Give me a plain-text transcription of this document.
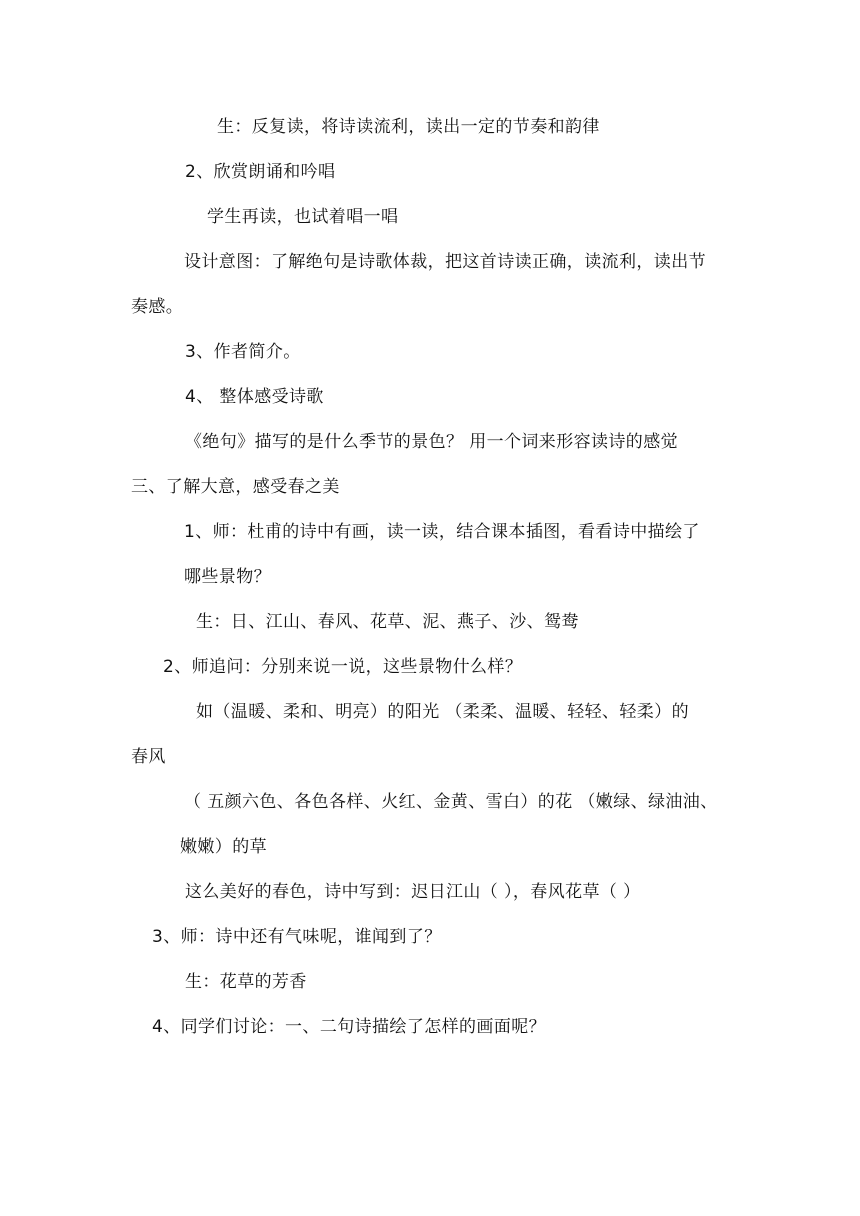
生：反复读，将诗读流利，读出一定的节奏和韵律
2、欣赏朗诵和吟唱
学生再读，也试着唱一唱
设计意图：了解绝句是诗歌体裁，把这首诗读正确，读流利，读出节
奏感。
3、作者简介。
4、 整体感受诗歌
《绝句》描写的是什么季节的景色？ 用一个词来形容读诗的感觉
三、了解大意，感受春之美
1、师：杜甫的诗中有画，读一读，结合课本插图，看看诗中描绘了
哪些景物？
生：日、江山、春风、花草、泥、燕子、沙、鸳鸯
2、师追问：分别来说一说，这些景物什么样？
如（温暖、柔和、明亮）的阳光 （柔柔、温暖、轻轻、轻柔）的
春风
（ 五颜六色、各色各样、火红、金黄、雪白）的花 （嫩绿、绿油油、
嫩嫩）的草
这么美好的春色，诗中写到：迟日江山（ ），春风花草（ ）
3、师：诗中还有气味呢，谁闻到了？
生：花草的芳香
4、同学们讨论：一、二句诗描绘了怎样的画面呢？
